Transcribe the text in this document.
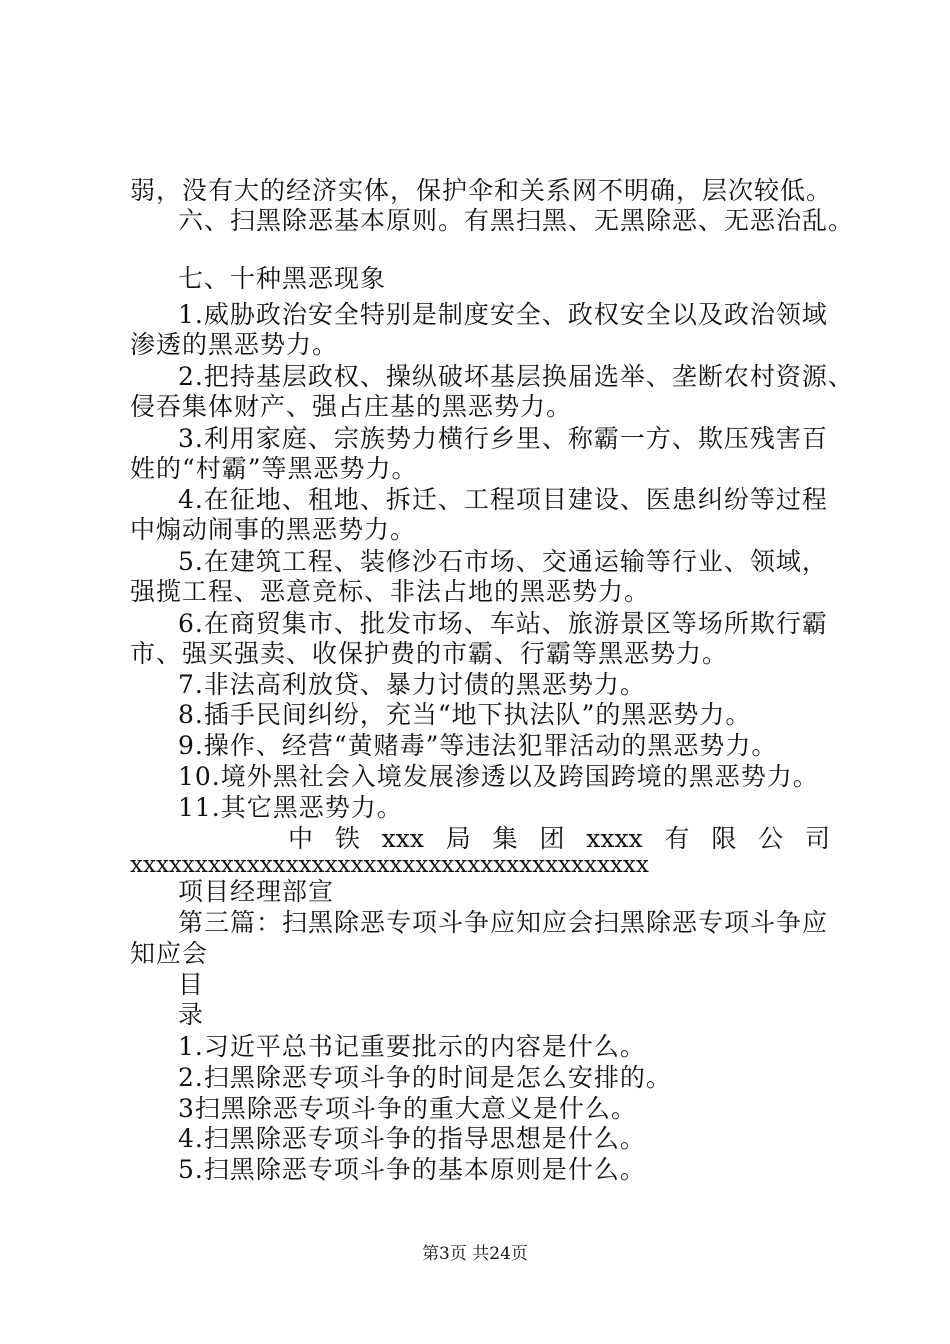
弱，没有大的经济实体，保护伞和关系网不明确，层次较低。
六、扫黑除恶基本原则。有黑扫黑、无黑除恶、无恶治乱。
七、十种黑恶现象
1.威胁政治安全特别是制度安全、政权安全以及政治领域
渗透的黑恶势力。
2.把持基层政权、操纵破坏基层换届选举、垄断农村资源、
侵吞集体财产、强占庄基的黑恶势力。
3.利用家庭、宗族势力横行乡里、称霸一方、欺压残害百
姓的“村霸”等黑恶势力。
4.在征地、租地、拆迁、工程项目建设、医患纠纷等过程
中煽动闹事的黑恶势力。
5.在建筑工程、装修沙石市场、交通运输等行业、领域，
强揽工程、恶意竞标、非法占地的黑恶势力。
6.在商贸集市、批发市场、车站、旅游景区等场所欺行霸
市、强买强卖、收保护费的市霸、行霸等黑恶势力。
7.非法高利放贷、暴力讨债的黑恶势力。
8.插手民间纠纷，充当“地下执法队”的黑恶势力。
9.操作、经营“黄赌毒”等违法犯罪活动的黑恶势力。
10.境外黑社会入境发展渗透以及跨国跨境的黑恶势力。
11.其它黑恶势力。
中 铁 xxx 局 集 团 xxxx 有 限 公 司
xxxxxxxxxxxxxxxxxxxxxxxxxxxxxxxxxxxxxxxx
项目经理部宣
第三篇：扫黑除恶专项斗争应知应会扫黑除恶专项斗争应
知应会
目
录
1.习近平总书记重要批示的内容是什么。
2.扫黑除恶专项斗争的时间是怎么安排的。
3扫黑除恶专项斗争的重大意义是什么。
4.扫黑除恶专项斗争的指导思想是什么。
5.扫黑除恶专项斗争的基本原则是什么。
第3页 共24页
